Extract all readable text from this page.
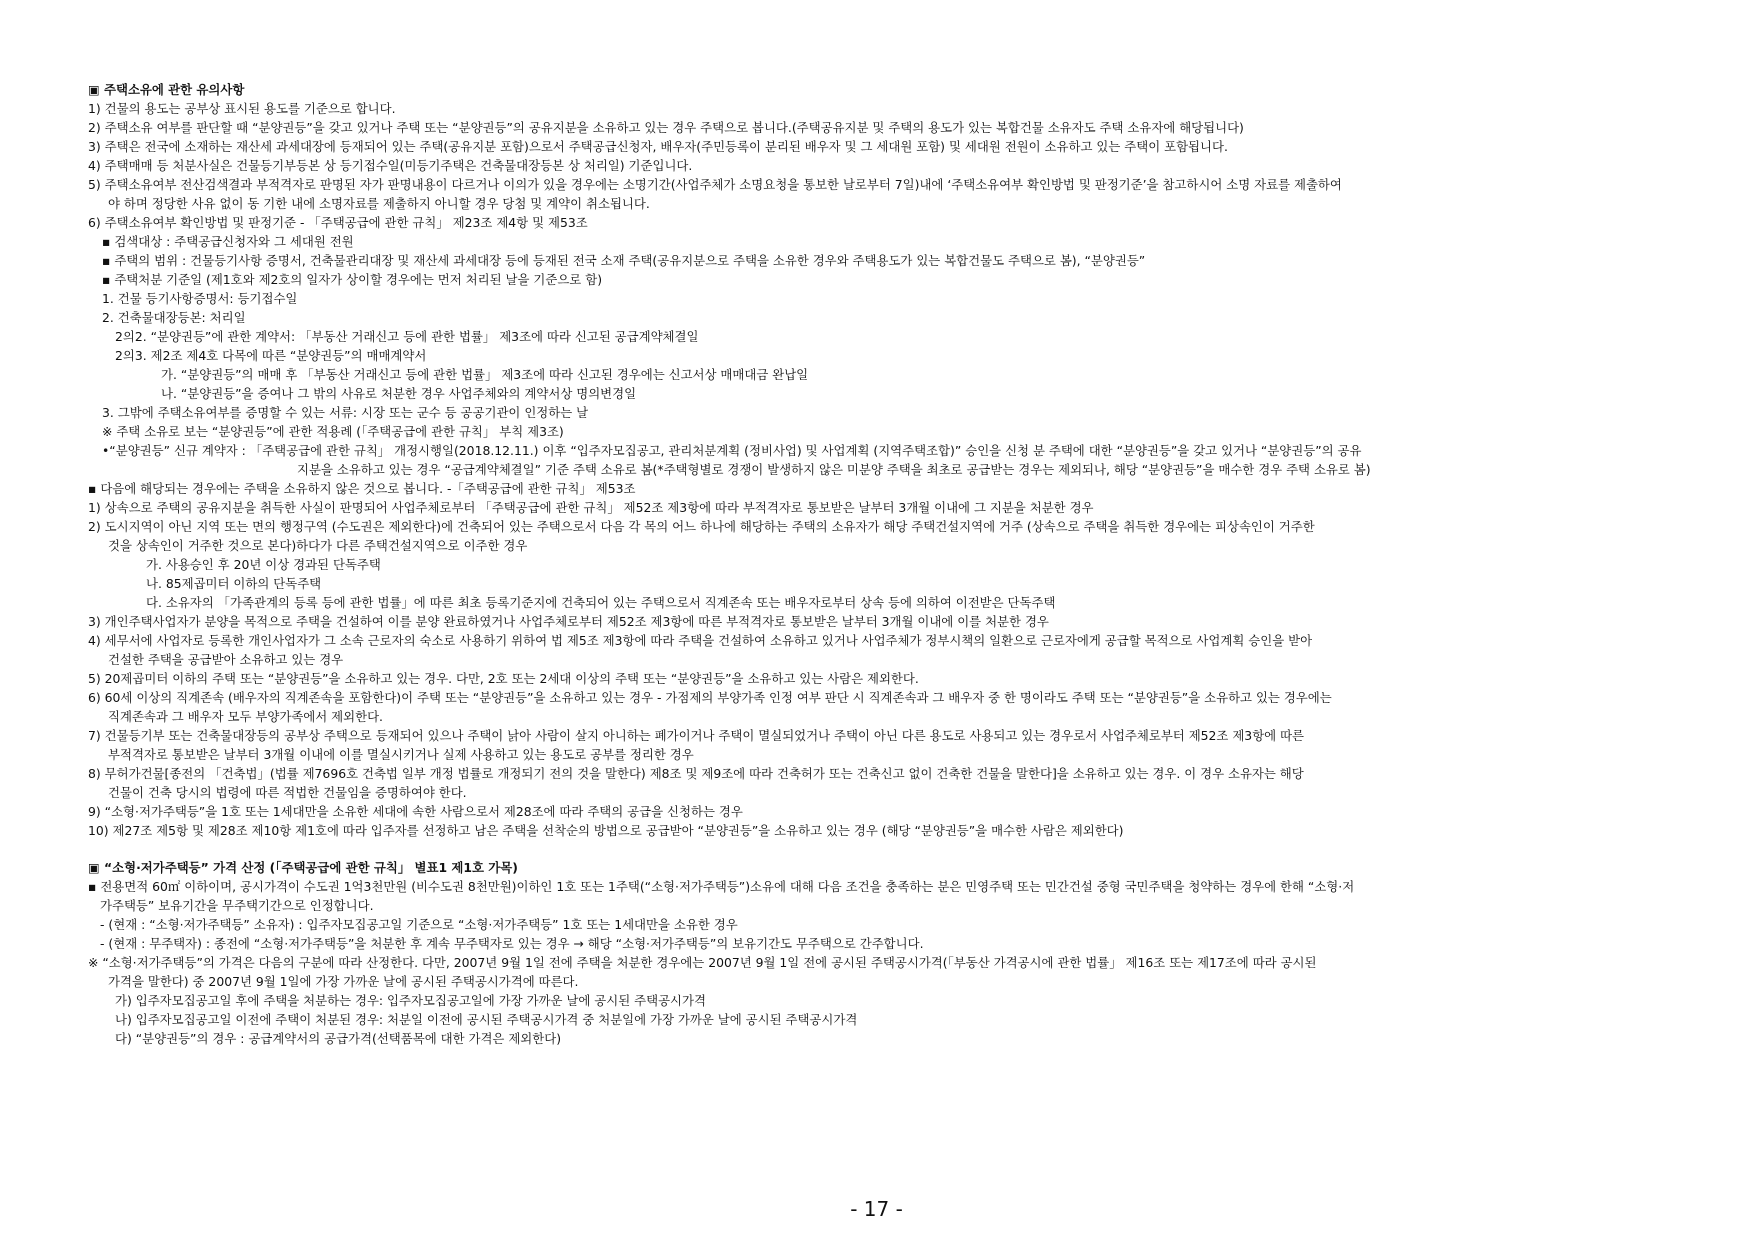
▣ 주택소유에 관한 유의사항
1) 건물의 용도는 공부상 표시된 용도를 기준으로 합니다.
2) 주택소유 여부를 판단할 때 “분양권등”을 갖고 있거나 주택 또는 “분양권등”의 공유지분을 소유하고 있는 경우 주택으로 봅니다.(주택공유지분 및 주택의 용도가 있는 복합건물 소유자도 주택 소유자에 해당됩니다)
3) 주택은 전국에 소재하는 재산세 과세대장에 등재되어 있는 주택(공유지분 포함)으로서 주택공급신청자, 배우자(주민등록이 분리된 배우자 및 그 세대원 포함) 및 세대원 전원이 소유하고 있는 주택이 포함됩니다.
4) 주택매매 등 처분사실은 건물등기부등본 상 등기접수일(미등기주택은 건축물대장등본 상 처리일) 기준입니다.
5) 주택소유여부 전산검색결과 부적격자로 판명된 자가 판명내용이 다르거나 이의가 있을 경우에는 소명기간(사업주체가 소명요청을 통보한 날로부터 7일)내에 ‘주택소유여부 확인방법 및 판정기준’을 참고하시어 소명 자료를 제출하여
야 하며 정당한 사유 없이 동 기한 내에 소명자료를 제출하지 아니할 경우 당첨 및 계약이 취소됩니다.
6) 주택소유여부 확인방법 및 판정기준 - 「주택공급에 관한 규칙」 제23조 제4항 및 제53조
▪ 검색대상 : 주택공급신청자와 그 세대원 전원
▪ 주택의 범위 : 건물등기사항 증명서, 건축물관리대장 및 재산세 과세대장 등에 등재된 전국 소재 주택(공유지분으로 주택을 소유한 경우와 주택용도가 있는 복합건물도 주택으로 봄), “분양권등”
▪ 주택처분 기준일 (제1호와 제2호의 일자가 상이할 경우에는 먼저 처리된 날을 기준으로 함)
1. 건물 등기사항증명서: 등기접수일
2. 건축물대장등본: 처리일
2의2. “분양권등”에 관한 계약서: 「부동산 거래신고 등에 관한 법률」 제3조에 따라 신고된 공급계약체결일
2의3. 제2조 제4호 다목에 따른 “분양권등”의 매매계약서
가. “분양권등”의 매매 후 「부동산 거래신고 등에 관한 법률」 제3조에 따라 신고된 경우에는 신고서상 매매대금 완납일
나. “분양권등”을 증여나 그 밖의 사유로 처분한 경우 사업주체와의 계약서상 명의변경일
3. 그밖에 주택소유여부를 증명할 수 있는 서류: 시장 또는 군수 등 공공기관이 인정하는 날
※ 주택 소유로 보는 “분양권등”에 관한 적용례 (「주택공급에 관한 규칙」 부칙 제3조)
•“분양권등” 신규 계약자 : 「주택공급에 관한 규칙」 개정시행일(2018.12.11.) 이후 “입주자모집공고, 관리처분계획 (정비사업) 및 사업계획 (지역주택조합)” 승인을 신청 분 주택에 대한 “분양권등”을 갖고 있거나 “분양권등”의 공유
지분을 소유하고 있는 경우 “공급계약체결일” 기준 주택 소유로 봄(*주택형별로 경쟁이 발생하지 않은 미분양 주택을 최초로 공급받는 경우는 제외되나, 해당 “분양권등”을 매수한 경우 주택 소유로 봄)
▪ 다음에 해당되는 경우에는 주택을 소유하지 않은 것으로 봅니다. -「주택공급에 관한 규칙」 제53조
1) 상속으로 주택의 공유지분을 취득한 사실이 판명되어 사업주체로부터 「주택공급에 관한 규칙」 제52조 제3항에 따라 부적격자로 통보받은 날부터 3개월 이내에 그 지분을 처분한 경우
2) 도시지역이 아닌 지역 또는 면의 행정구역 (수도권은 제외한다)에 건축되어 있는 주택으로서 다음 각 목의 어느 하나에 해당하는 주택의 소유자가 해당 주택건설지역에 거주 (상속으로 주택을 취득한 경우에는 피상속인이 거주한
것을 상속인이 거주한 것으로 본다)하다가 다른 주택건설지역으로 이주한 경우
가. 사용승인 후 20년 이상 경과된 단독주택
나. 85제곱미터 이하의 단독주택
다. 소유자의 「가족관계의 등록 등에 관한 법률」에 따른 최초 등록기준지에 건축되어 있는 주택으로서 직계존속 또는 배우자로부터 상속 등에 의하여 이전받은 단독주택
3) 개인주택사업자가 분양을 목적으로 주택을 건설하여 이를 분양 완료하였거나 사업주체로부터 제52조 제3항에 따른 부적격자로 통보받은 날부터 3개월 이내에 이를 처분한 경우
4) 세무서에 사업자로 등록한 개인사업자가 그 소속 근로자의 숙소로 사용하기 위하여 법 제5조 제3항에 따라 주택을 건설하여 소유하고 있거나 사업주체가 정부시책의 일환으로 근로자에게 공급할 목적으로 사업계획 승인을 받아
건설한 주택을 공급받아 소유하고 있는 경우
5) 20제곱미터 이하의 주택 또는 “분양권등”을 소유하고 있는 경우. 다만, 2호 또는 2세대 이상의 주택 또는 “분양권등”을 소유하고 있는 사람은 제외한다.
6) 60세 이상의 직계존속 (배우자의 직계존속을 포함한다)이 주택 또는 “분양권등”을 소유하고 있는 경우 - 가점제의 부양가족 인정 여부 판단 시 직계존속과 그 배우자 중 한 명이라도 주택 또는 “분양권등”을 소유하고 있는 경우에는
직계존속과 그 배우자 모두 부양가족에서 제외한다.
7) 건물등기부 또는 건축물대장등의 공부상 주택으로 등재되어 있으나 주택이 낡아 사람이 살지 아니하는 폐가이거나 주택이 멸실되었거나 주택이 아닌 다른 용도로 사용되고 있는 경우로서 사업주체로부터 제52조 제3항에 따른
부적격자로 통보받은 날부터 3개월 이내에 이를 멸실시키거나 실제 사용하고 있는 용도로 공부를 정리한 경우
8) 무허가건물[종전의 「건축법」(법률 제7696호 건축법 일부 개정 법률로 개정되기 전의 것을 말한다) 제8조 및 제9조에 따라 건축허가 또는 건축신고 없이 건축한 건물을 말한다]을 소유하고 있는 경우. 이 경우 소유자는 해당
건물이 건축 당시의 법령에 따른 적법한 건물임을 증명하여야 한다.
9) “소형·저가주택등”을 1호 또는 1세대만을 소유한 세대에 속한 사람으로서 제28조에 따라 주택의 공급을 신청하는 경우
10) 제27조 제5항 및 제28조 제10항 제1호에 따라 입주자를 선정하고 남은 주택을 선착순의 방법으로 공급받아 “분양권등”을 소유하고 있는 경우 (해당 “분양권등”을 매수한 사람은 제외한다)
▣ “소형·저가주택등” 가격 산정 (「주택공급에 관한 규칙」 별표1 제1호 가목)
▪ 전용면적 60㎡ 이하이며, 공시가격이 수도권 1억3천만원 (비수도권 8천만원)이하인 1호 또는 1주택(“소형·저가주택등”)소유에 대해 다음 조건을 충족하는 분은 민영주택 또는 민간건설 중형 국민주택을 청약하는 경우에 한해 “소형·저
가주택등” 보유기간을 무주택기간으로 인정합니다.
- (현재 : “소형·저가주택등” 소유자) : 입주자모집공고일 기준으로 “소형·저가주택등” 1호 또는 1세대만을 소유한 경우
- (현재 : 무주택자) : 종전에 “소형·저가주택등”을 처분한 후 계속 무주택자로 있는 경우 → 해당 “소형·저가주택등”의 보유기간도 무주택으로 간주합니다.
※ “소형·저가주택등”의 가격은 다음의 구분에 따라 산정한다. 다만, 2007년 9월 1일 전에 주택을 처분한 경우에는 2007년 9월 1일 전에 공시된 주택공시가격(「부동산 가격공시에 관한 법률」 제16조 또는 제17조에 따라 공시된
가격을 말한다) 중 2007년 9월 1일에 가장 가까운 날에 공시된 주택공시가격에 따른다.
가) 입주자모집공고일 후에 주택을 처분하는 경우: 입주자모집공고일에 가장 가까운 날에 공시된 주택공시가격
나) 입주자모집공고일 이전에 주택이 처분된 경우: 처분일 이전에 공시된 주택공시가격 중 처분일에 가장 가까운 날에 공시된 주택공시가격
다) “분양권등”의 경우 : 공급계약서의 공급가격(선택품목에 대한 가격은 제외한다)
- 17 -
